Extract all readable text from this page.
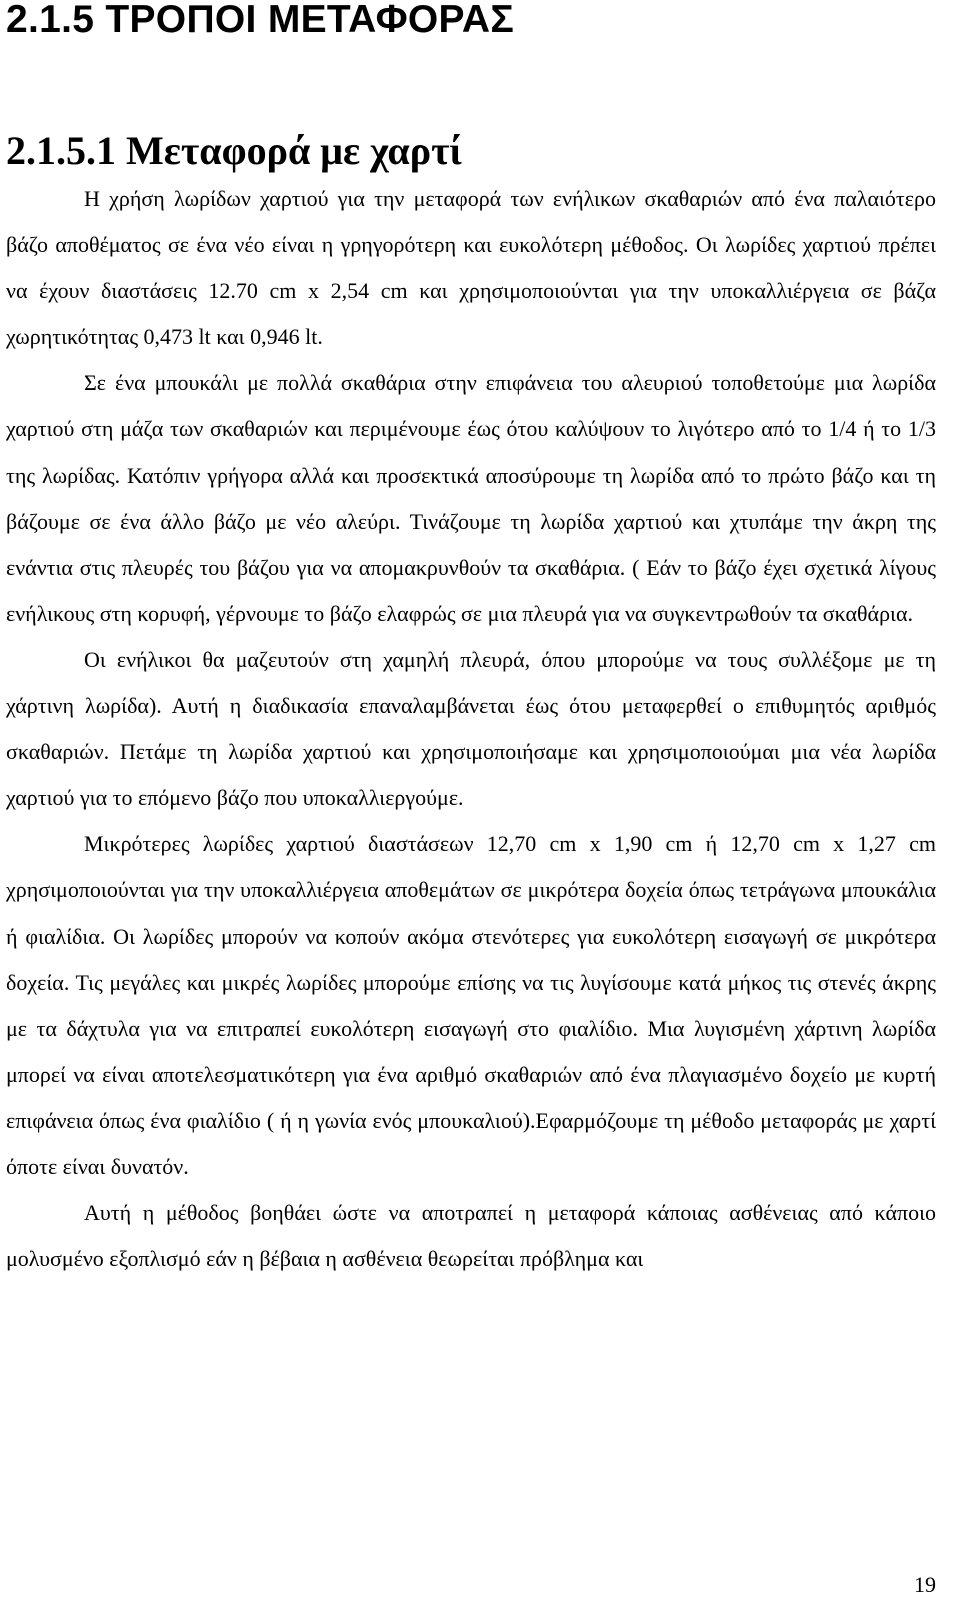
2.1.5 ΤΡΟΠΟΙ ΜΕΤΑΦΟΡΑΣ
2.1.5.1 Μεταφορά με χαρτί

Η χρήση λωρίδων χαρτιού για την μεταφορά των ενήλικων σκαθαριών από ένα παλαιότερο βάζο αποθέματος σε ένα νέο είναι η γρηγορότερη και ευκολότερη μέθοδος. Οι λωρίδες χαρτιού πρέπει να έχουν διαστάσεις 12.70 cm x 2,54 cm και χρησιμοποιούνται για την υποκαλλιέργεια σε βάζα χωρητικότητας 0,473 lt και 0,946 lt.

Σε ένα μπουκάλι με πολλά σκαθάρια στην επιφάνεια του αλευριού τοποθετούμε μια λωρίδα χαρτιού στη μάζα των σκαθαριών και περιμένουμε έως ότου καλύψουν το λιγότερο από το 1/4 ή το 1/3 της λωρίδας. Κατόπιν γρήγορα αλλά και προσεκτικά αποσύρουμε τη λωρίδα από το πρώτο βάζο και τη βάζουμε σε ένα άλλο βάζο με νέο αλεύρι. Τινάζουμε τη λωρίδα χαρτιού και χτυπάμε την άκρη της ενάντια στις πλευρές του βάζου για να απομακρυνθούν τα σκαθάρια. ( Εάν το βάζο έχει σχετικά λίγους ενήλικους στη κορυφή, γέρνουμε το βάζο ελαφρώς σε μια πλευρά για να συγκεντρωθούν τα σκαθάρια.

Οι ενήλικοι θα μαζευτούν στη χαμηλή πλευρά, όπου μπορούμε να τους συλλέξομε με τη χάρτινη λωρίδα). Αυτή η διαδικασία επαναλαμβάνεται έως ότου μεταφερθεί ο επιθυμητός αριθμός σκαθαριών. Πετάμε τη λωρίδα χαρτιού και χρησιμοποιήσαμε και χρησιμοποιούμαι μια νέα λωρίδα χαρτιού για το επόμενο βάζο που υποκαλλιεργούμε.

Μικρότερες λωρίδες χαρτιού διαστάσεων 12,70 cm x 1,90 cm ή 12,70 cm x 1,27 cm χρησιμοποιούνται για την υποκαλλιέργεια αποθεμάτων σε μικρότερα δοχεία όπως τετράγωνα μπουκάλια ή φιαλίδια. Οι λωρίδες μπορούν να κοπούν ακόμα στενότερες για ευκολότερη εισαγωγή σε μικρότερα δοχεία. Τις μεγάλες και μικρές λωρίδες μπορούμε επίσης να τις λυγίσουμε κατά μήκος τις στενές άκρης με τα δάχτυλα για να επιτραπεί ευκολότερη εισαγωγή στο φιαλίδιο. Μια λυγισμένη χάρτινη λωρίδα μπορεί να είναι αποτελεσματικότερη για ένα αριθμό σκαθαριών από ένα πλαγιασμένο δοχείο με κυρτή επιφάνεια όπως ένα φιαλίδιο ( ή η γωνία ενός μπουκαλιού).Εφαρμόζουμε τη μέθοδο μεταφοράς με χαρτί όποτε είναι δυνατόν.

Αυτή η μέθοδος βοηθάει ώστε να αποτραπεί η μεταφορά κάποιας ασθένειας από κάποιο μολυσμένο εξοπλισμό εάν η βέβαια η ασθένεια θεωρείται πρόβλημα και

19
